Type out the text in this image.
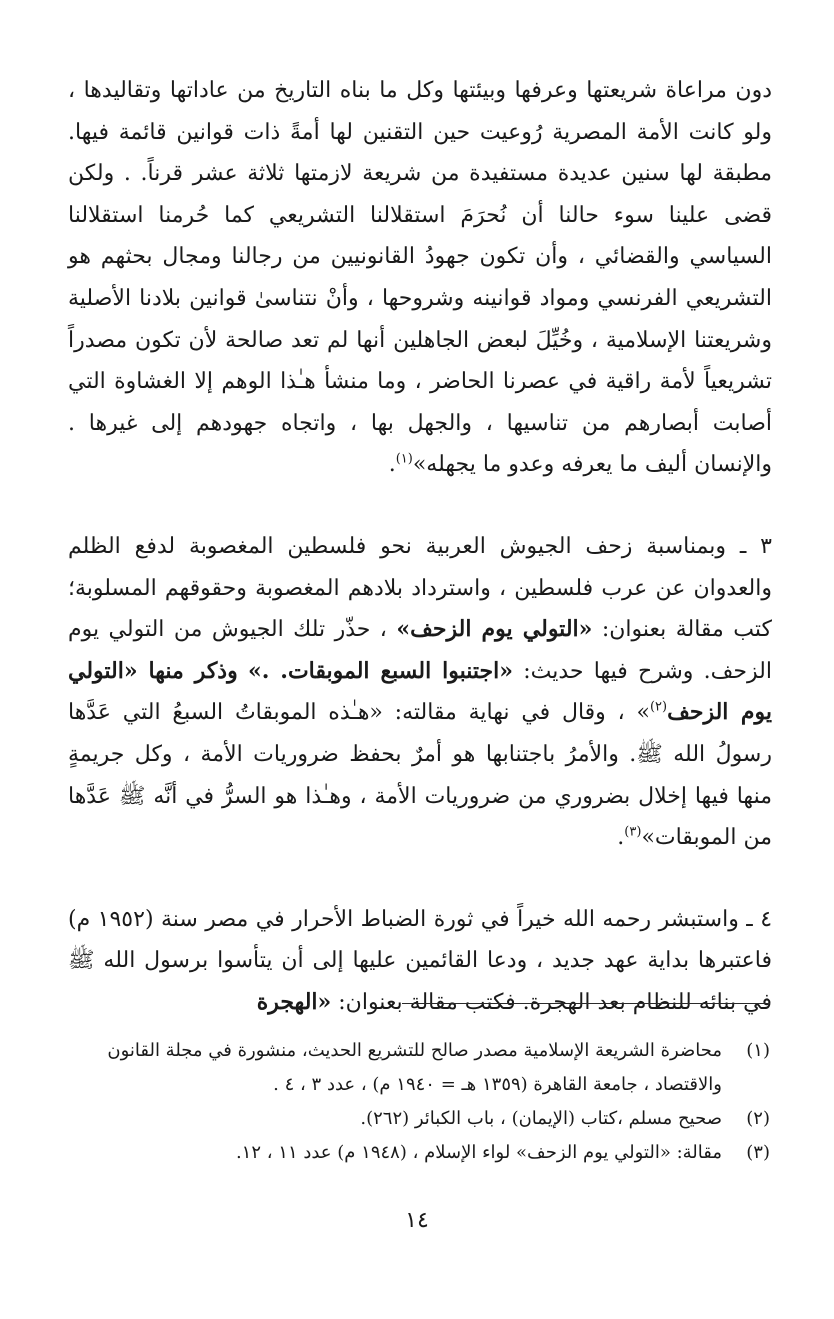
دون مراعاة شريعتها وعرفها وبيئتها وكل ما بناه التاريخ من عاداتها وتقاليدها ، ولو كانت الأمة المصرية رُوعيت حين التقنين لها أمةً ذات قوانين قائمة فيها. مطبقة لها سنين عديدة مستفيدة من شريعة لازمتها ثلاثة عشر قرناً. . ولكن قضى علينا سوء حالنا أن نُحرَمَ استقلالنا التشريعي كما حُرمنا استقلالنا السياسي والقضائي ، وأن تكون جهودُ القانونيين من رجالنا ومجال بحثهم هو التشريعي الفرنسي ومواد قوانينه وشروحها ، وأنْ نتناسىٰ قوانين بلادنا الأصلية وشريعتنا الإسلامية ، وخُيِّلَ لبعض الجاهلين أنها لم تعد صالحة لأن تكون مصدراً تشريعياً لأمة راقية في عصرنا الحاضر ، وما منشأ هـٰذا الوهم إلا الغشاوة التي أصابت أبصارهم من تناسيها ، والجهل بها ، واتجاه جهودهم إلى غيرها . والإنسان أليف ما يعرفه وعدو ما يجهله»$^{(١)}$.

٣ ـ وبمناسبة زحف الجيوش العربية نحو فلسطين المغصوبة لدفع الظلم والعدوان عن عرب فلسطين ، واسترداد بلادهم المغصوبة وحقوقهم المسلوبة؛ كتب مقالة بعنوان: «التولي يوم الزحف» ، حذّر تلك الجيوش من التولي يوم الزحف. وشرح فيها حديث: «اجتنبوا السبع الموبقات. .» وذكر منها «التولي يوم الزحف$^{(٢)}$» ، وقال في نهاية مقالته: «هـٰذه الموبقاتُ السبعُ التي عَدَّها رسولُ الله ﷺ. والأمرُ باجتنابها هو أمرٌ بحفظ ضروريات الأمة ، وكل جريمةٍ منها فيها إخلال بضروري من ضروريات الأمة ، وهـٰذا هو السرُّ في أنَّه ﷺ عَدَّها من الموبقات»$^{(٣)}$.

٤ ـ واستبشر رحمه الله خيراً في ثورة الضباط الأحرار في مصر سنة (١٩٥٢ م) فاعتبرها بداية عهد جديد ، ودعا القائمين عليها إلى أن يتأسوا برسول الله ﷺ في بنائه للنظام بعد الهجرة. فكتب مقالة بعنوان: «الهجرة

(١)
محاضرة الشريعة الإسلامية مصدر صالح للتشريع الحديث، منشورة في مجلة القانون والاقتصاد ، جامعة القاهرة (١٣٥٩ هـ = ١٩٤٠ م) ، عدد ٣ ، ٤ .

(٢)
صحيح مسلم ،كتاب (الإيمان) ، باب الكبائر (٢٦٢).

(٣)
مقالة: «التولي يوم الزحف» لواء الإسلام ، (١٩٤٨ م) عدد ١١ ، ١٢.

١٤
